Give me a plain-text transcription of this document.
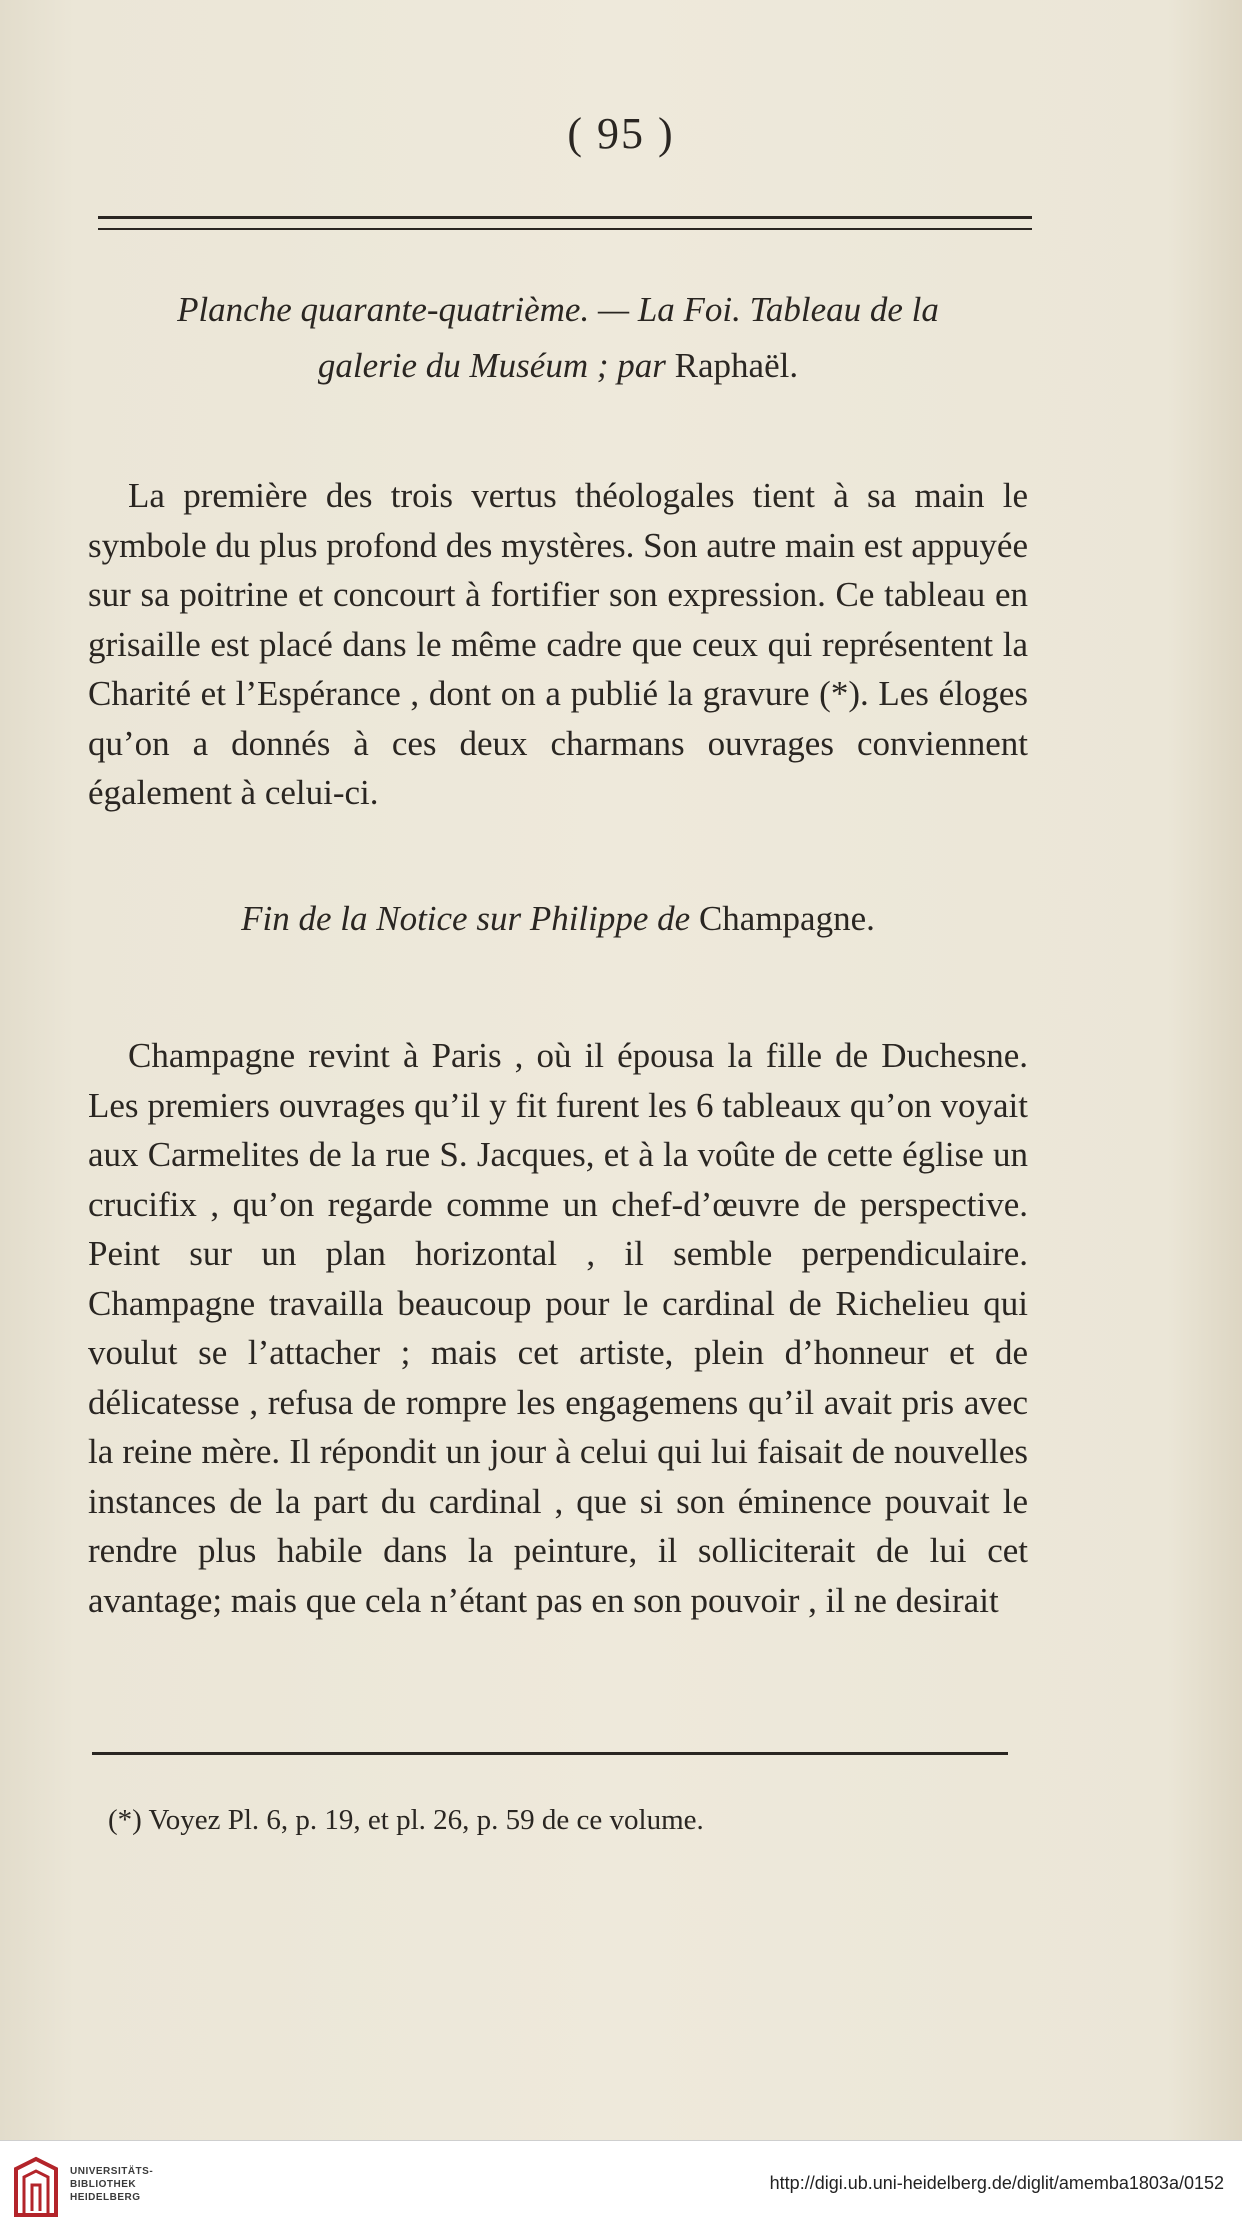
( 95 )
Planche quarante-quatrième. — La Foi. Tableau de la
galerie du Muséum ; par Raphaël.

La première des trois vertus théologales tient à sa main le symbole du plus profond des mystères. Son autre main est appuyée sur sa poitrine et concourt à fortifier son expression. Ce tableau en grisaille est placé dans le même cadre que ceux qui représentent la Charité et l’Espérance , dont on a publié la gravure (*). Les éloges qu’on a donnés à ces deux charmans ouvrages conviennent également à celui-ci.

Fin de la Notice sur Philippe de Champagne.

Champagne revint à Paris , où il épousa la fille de Duchesne. Les premiers ouvrages qu’il y fit furent les 6 tableaux qu’on voyait aux Carmelites de la rue S. Jacques, et à la voûte de cette église un crucifix , qu’on regarde comme un chef-d’œuvre de perspective. Peint sur un plan horizontal , il semble perpendiculaire. Champagne travailla beaucoup pour le cardinal de Richelieu qui voulut se l’attacher ; mais cet artiste, plein d’honneur et de délicatesse , refusa de rompre les engagemens qu’il avait pris avec la reine mère. Il répondit un jour à celui qui lui faisait de nouvelles instances de la part du cardinal , que si son éminence pouvait le rendre plus habile dans la peinture, il solliciterait de lui cet avantage; mais que cela n’étant pas en son pouvoir , il ne desirait

(*) Voyez Pl. 6, p. 19, et pl. 26, p. 59 de ce volume.
UNIVERSITÄTS-
BIBLIOTHEK
HEIDELBERG
http://digi.ub.uni-heidelberg.de/diglit/amemba1803a/0152
